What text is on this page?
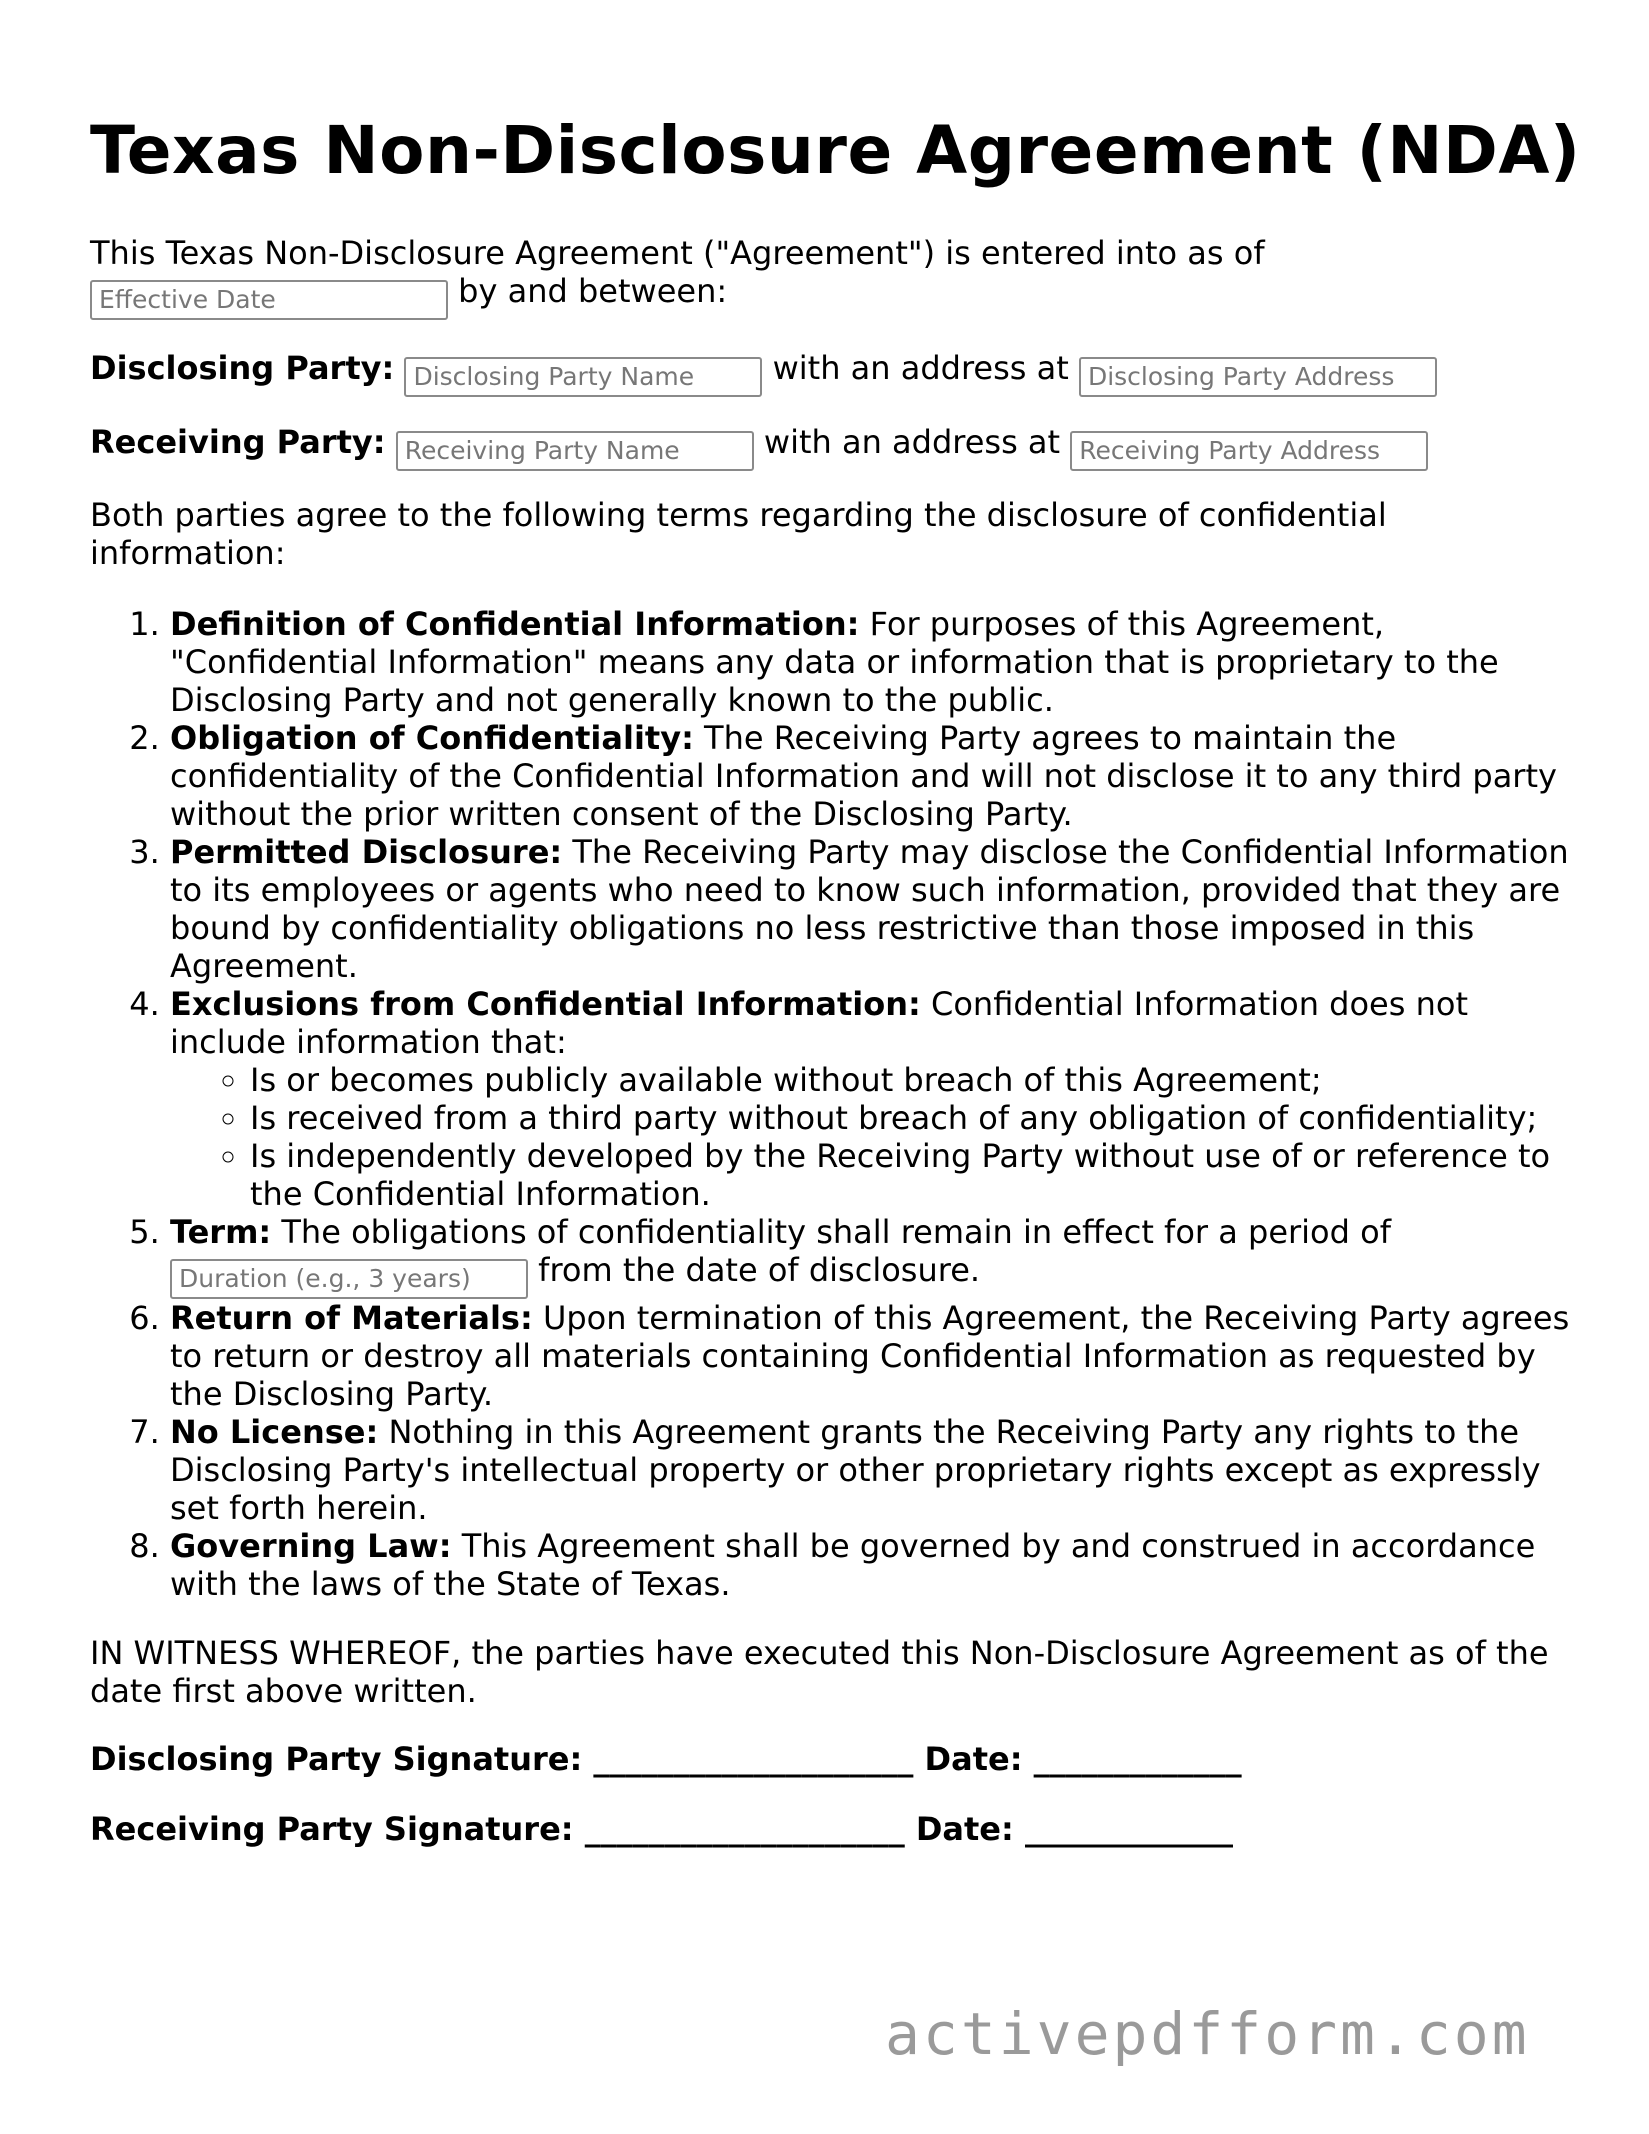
Texas Non-Disclosure Agreement (NDA)
This Texas Non-Disclosure Agreement ("Agreement") is entered into as of
Effective Date by and between:
Disclosing Party: Disclosing Party Name	with an address at Disclosing Party Address
Receiving Party: Receiving Party Name	with an address at Receiving Party Address
Both parties agree to the following terms regarding the disclosure of confidential information:
1. Definition of Confidential Information: For purposes of this Agreement, "Confidential Information" means any data or information that is proprietary to the Disclosing Party and not generally known to the public.
2. Obligation of Confidentiality: The Receiving Party agrees to maintain the confidentiality of the Confidential Information and will not disclose it to any third party without the prior written consent of the Disclosing Party.
3. Permitted Disclosure: The Receiving Party may disclose the Confidential Information to its employees or agents who need to know such information, provided that they are bound by confidentiality obligations no less restrictive than those imposed in this Agreement.
4. Exclusions from Confidential Information: Confidential Information does not include information that:
◦ Is or becomes publicly available without breach of this Agreement;
◦ Is received from a third party without breach of any obligation of confidentiality;
◦ Is independently developed by the Receiving Party without use of or reference to the Confidential Information.
5. Term: The obligations of confidentiality shall remain in effect for a period of
Duration (e.g., 3 years) from the date of disclosure.
6. Return of Materials: Upon termination of this Agreement, the Receiving Party agrees to return or destroy all materials containing Confidential Information as requested by the Disclosing Party.
7. No License: Nothing in this Agreement grants the Receiving Party any rights to the Disclosing Party's intellectual property or other proprietary rights except as expressly set forth herein.
8. Governing Law: This Agreement shall be governed by and construed in accordance with the laws of the State of Texas.
IN WITNESS WHEREOF, the parties have executed this Non-Disclosure Agreement as of the date first above written.
Disclosing Party Signature: ____________________ Date: _____________
Receiving Party Signature: ____________________ Date: _____________
activepdfform.com
